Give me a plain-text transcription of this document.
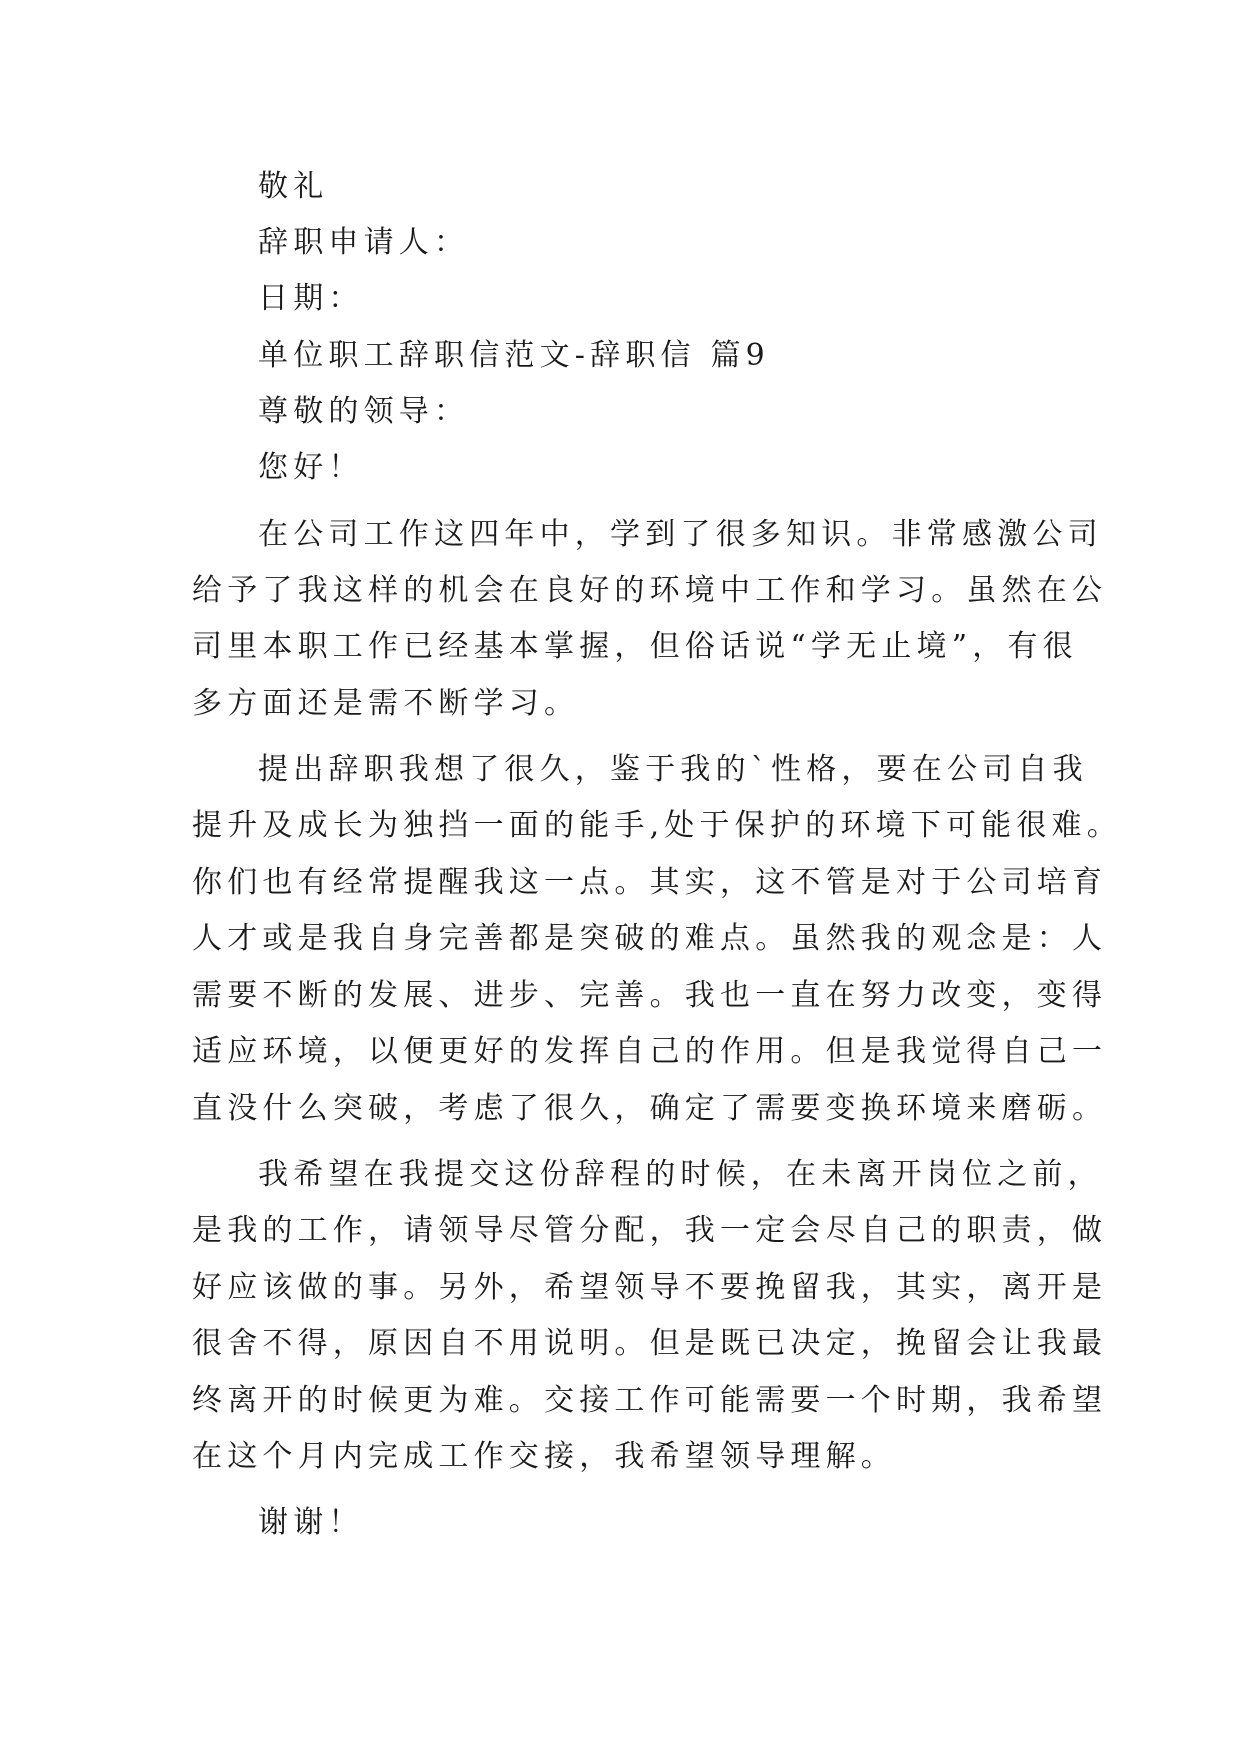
敬礼
辞职申请人：
日期：
单位职工辞职信范文-辞职信 篇9
尊敬的领导：
您好！
在公司工作这四年中，学到了很多知识。非常感激公司
给予了我这样的机会在良好的环境中工作和学习。虽然在公
司里本职工作已经基本掌握，但俗话说“学无止境”，有很
多方面还是需不断学习。
提出辞职我想了很久，鉴于我的`性格，要在公司自我
提升及成长为独挡一面的能手,处于保护的环境下可能很难。
你们也有经常提醒我这一点。其实，这不管是对于公司培育
人才或是我自身完善都是突破的难点。虽然我的观念是：人
需要不断的发展、进步、完善。我也一直在努力改变，变得
适应环境，以便更好的发挥自己的作用。但是我觉得自己一
直没什么突破，考虑了很久，确定了需要变换环境来磨砺。
我希望在我提交这份辞程的时候，在未离开岗位之前，
是我的工作，请领导尽管分配，我一定会尽自己的职责，做
好应该做的事。另外，希望领导不要挽留我，其实，离开是
很舍不得，原因自不用说明。但是既已决定，挽留会让我最
终离开的时候更为难。交接工作可能需要一个时期，我希望
在这个月内完成工作交接，我希望领导理解。
谢谢！
